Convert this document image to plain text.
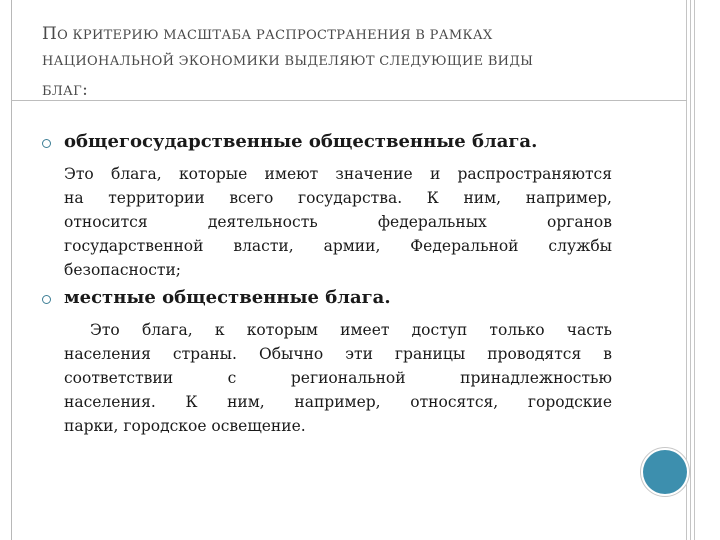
ПО КРИТЕРИЮ МАСШТАБА РАСПРОСТРАНЕНИЯ В РАМКАХ
НАЦИОНАЛЬНОЙ ЭКОНОМИКИ ВЫДЕЛЯЮТ СЛЕДУЮЩИЕ ВИДЫ
БЛАГ:
общегосударственные общественные блага.
Это блага, которые имеют значение и распространяются
на территории всего государства. К ним, например,
относится деятельность федеральных органов
государственной власти, армии, Федеральной службы
безопасности;
местные общественные блага.
Это блага, к которым имеет доступ только часть
населения страны. Обычно эти границы проводятся в
соответствии с региональной принадлежностью
населения. К ним, например, относятся, городские
парки, городское освещение.
